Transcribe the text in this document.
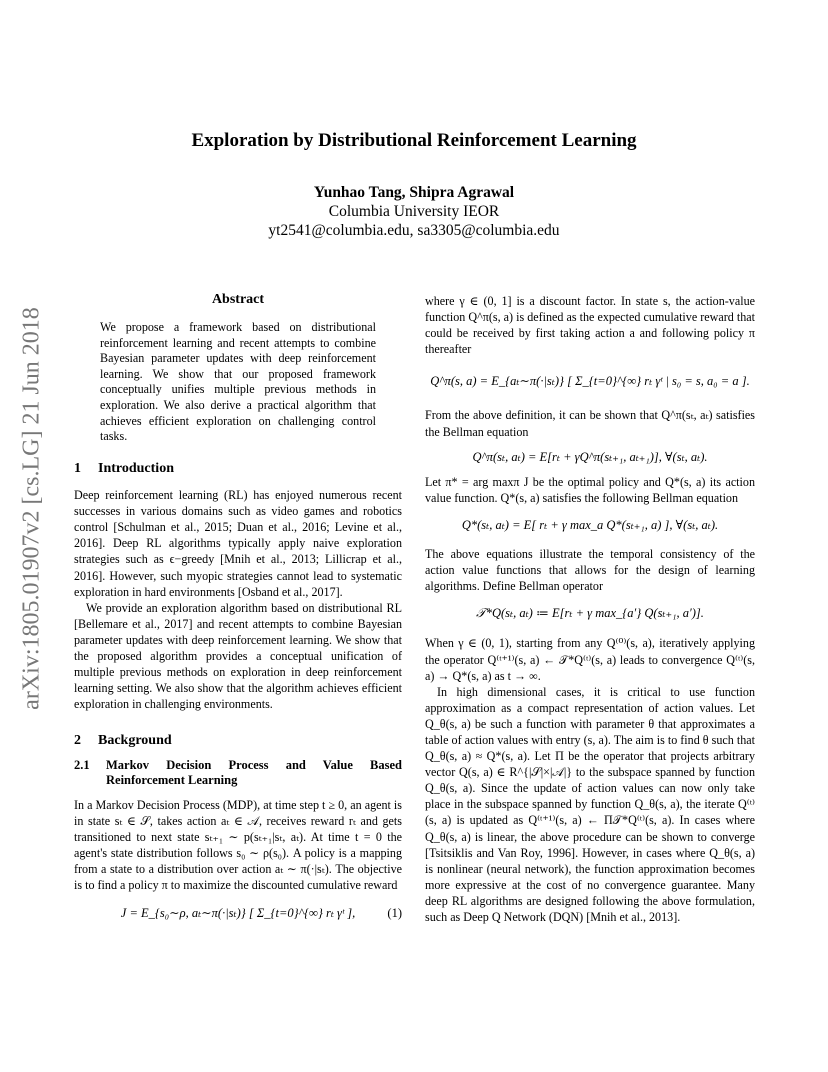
Exploration by Distributional Reinforcement Learning
Yunhao Tang, Shipra Agrawal
Columbia University IEOR
yt2541@columbia.edu, sa3305@columbia.edu
arXiv:1805.01907v2 [cs.LG] 21 Jun 2018
Abstract
We propose a framework based on distributional reinforcement learning and recent attempts to combine Bayesian parameter updates with deep reinforcement learning. We show that our proposed framework conceptually unifies multiple previous methods in exploration. We also derive a practical algorithm that achieves efficient exploration on challenging control tasks.
1 Introduction

Deep reinforcement learning (RL) has enjoyed numerous recent successes in various domains such as video games and robotics control [Schulman et al., 2015; Duan et al., 2016; Levine et al., 2016]. Deep RL algorithms typically apply naive exploration strategies such as ϵ−greedy [Mnih et al., 2013; Lillicrap et al., 2016]. However, such myopic strategies cannot lead to systematic exploration in hard environments [Osband et al., 2017].

We provide an exploration algorithm based on distributional RL [Bellemare et al., 2017] and recent attempts to combine Bayesian parameter updates with deep reinforcement learning. We show that the proposed algorithm provides a conceptual unification of multiple previous methods on exploration in deep reinforcement learning setting. We also show that the algorithm achieves efficient exploration in challenging environments.

2 Background
2.1	Markov Decision Process and Value Based Reinforcement Learning

In a Markov Decision Process (MDP), at time step t ≥ 0, an agent is in state sₜ ∈ 𝒮, takes action aₜ ∈ 𝒜, receives reward rₜ and gets transitioned to next state sₜ₊₁ ∼ p(sₜ₊₁|sₜ, aₜ). At time t = 0 the agent's state distribution follows s₀ ∼ ρ(s₀). A policy is a mapping from a state to a distribution over action aₜ ∼ π(·|sₜ). The objective is to find a policy π to maximize the discounted cumulative reward

J = E_{s₀∼ρ, aₜ∼π(·|sₜ)} [ Σ_{t=0}^{∞} rₜ γᵗ ],	(1)

where γ ∈ (0, 1] is a discount factor. In state s, the action-value function Q^π(s, a) is defined as the expected cumulative reward that could be received by first taking action a and following policy π thereafter

Q^π(s, a) = E_{aₜ∼π(·|sₜ)} [ Σ_{t=0}^{∞} rₜ γᵗ | s₀ = s, a₀ = a ].

From the above definition, it can be shown that Q^π(sₜ, aₜ) satisfies the Bellman equation

Q^π(sₜ, aₜ) = E[rₜ + γQ^π(sₜ₊₁, aₜ₊₁)], ∀(sₜ, aₜ).

Let π* = arg maxπ J be the optimal policy and Q*(s, a) its action value function. Q*(s, a) satisfies the following Bellman equation

Q*(sₜ, aₜ) = E[ rₜ + γ max_a Q*(sₜ₊₁, a) ], ∀(sₜ, aₜ).

The above equations illustrate the temporal consistency of the action value functions that allows for the design of learning algorithms. Define Bellman operator

𝒯*Q(sₜ, aₜ) ≔ E[rₜ + γ max_{a′} Q(sₜ₊₁, a′)].

When γ ∈ (0, 1), starting from any Q⁽⁰⁾(s, a), iteratively applying the operator Q⁽ᵗ⁺¹⁾(s, a) ← 𝒯*Q⁽ᵗ⁾(s, a) leads to convergence Q⁽ᵗ⁾(s, a) → Q*(s, a) as t → ∞.

In high dimensional cases, it is critical to use function approximation as a compact representation of action values. Let Q_θ(s, a) be such a function with parameter θ that approximates a table of action values with entry (s, a). The aim is to find θ such that Q_θ(s, a) ≈ Q*(s, a). Let Π be the operator that projects arbitrary vector Q(s, a) ∈ R^{|𝒮|×|𝒜|} to the subspace spanned by function Q_θ(s, a). Since the update of action values can now only take place in the subspace spanned by function Q_θ(s, a), the iterate Q⁽ᵗ⁾(s, a) is updated as Q⁽ᵗ⁺¹⁾(s, a) ← Π𝒯*Q⁽ᵗ⁾(s, a). In cases where Q_θ(s, a) is linear, the above procedure can be shown to converge [Tsitsiklis and Van Roy, 1996]. However, in cases where Q_θ(s, a) is nonlinear (neural network), the function approximation becomes more expressive at the cost of no convergence guarantee. Many deep RL algorithms are designed following the above formulation, such as Deep Q Network (DQN) [Mnih et al., 2013].
